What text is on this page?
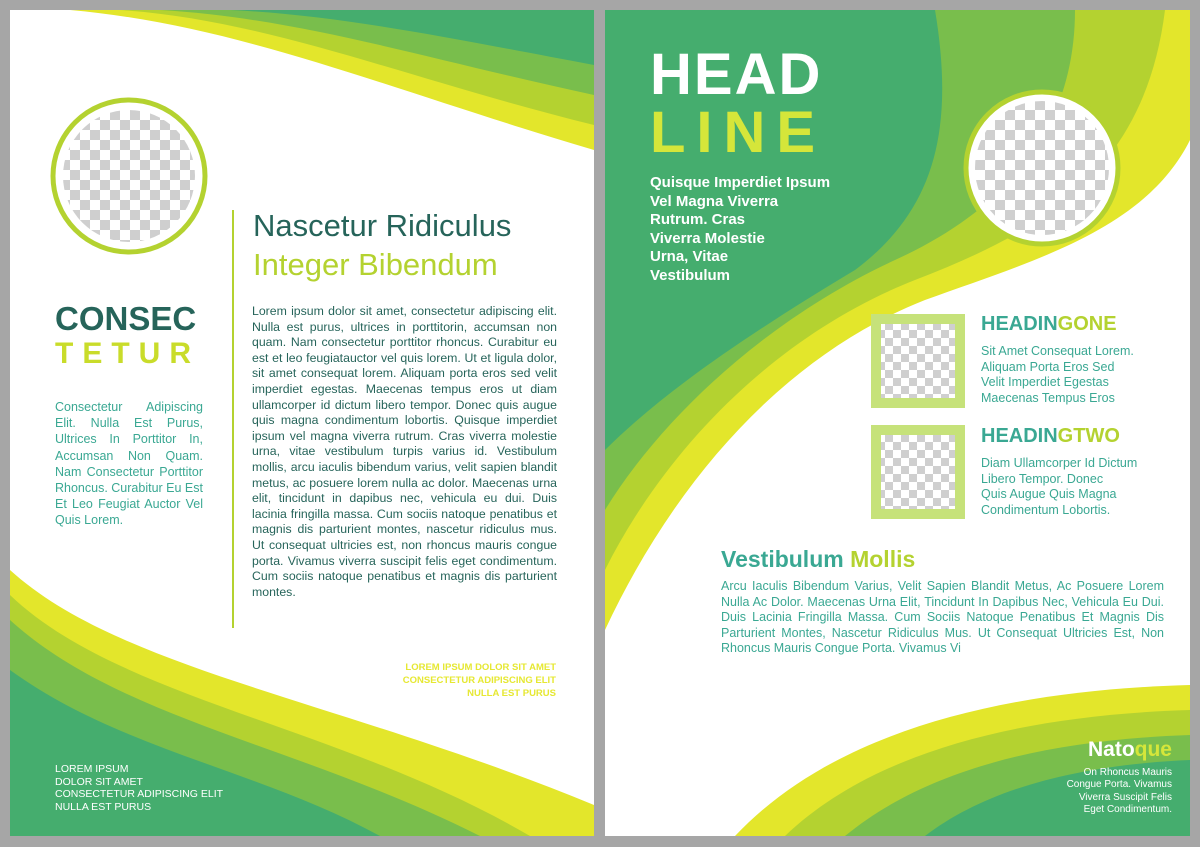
Nascetur Ridiculus
Integer Bibendum

Lorem ipsum dolor sit amet, consectetur adipiscing elit. Nulla est purus, ultrices in porttitorin, accumsan non quam. Nam consectetur porttitor rhoncus. Curabitur eu est et leo feugiatauctor vel quis lorem. Ut et ligula dolor, sit amet consequat lorem. Aliquam porta eros sed velit imperdiet egestas. Maecenas tempus eros ut diam ullamcorper id dictum libero tempor. Donec quis augue quis magna condimentum lobortis. Quisque imperdiet ipsum vel magna viverra rutrum. Cras viverra molestie urna, vitae vestibulum turpis varius id. Vestibulum mollis, arcu iaculis bibendum varius, velit sapien blandit metus, ac posuere lorem nulla ac dolor. Maecenas urna elit, tincidunt in dapibus nec, vehicula eu dui. Duis lacinia fringilla massa. Cum sociis natoque penatibus et magnis dis parturient montes, nascetur ridiculus mus. Ut consequat ultricies est, non rhoncus mauris congue porta. Vivamus viverra suscipit felis eget condimentum. Cum sociis natoque penatibus et magnis dis parturient montes.

CONSEC
TETUR

Consectetur Adipiscing Elit. Nulla Est Purus, Ultrices In Porttitor In, Accumsan Non Quam. Nam Consectetur Porttitor Rhoncus. Curabitur Eu Est Et Leo Feugiat Auctor Vel Quis Lorem.

LOREM IPSUM DOLOR SIT AMET
CONSECTETUR ADIPISCING ELIT
NULLA EST PURUS
LOREM IPSUM
DOLOR SIT AMET
CONSECTETUR ADIPISCING ELIT
NULLA EST PURUS
HEAD
LINE
Quisque Imperdiet Ipsum
Vel Magna Viverra
Rutrum. Cras
Viverra Molestie
Urna, Vitae
Vestibulum
HEADINGONE
Sit Amet Consequat Lorem.
Aliquam Porta Eros Sed
Velit Imperdiet Egestas
Maecenas Tempus Eros
HEADINGTWO
Diam Ullamcorper Id Dictum
Libero Tempor. Donec
Quis Augue Quis Magna
Condimentum Lobortis.
Vestibulum Mollis

Arcu Iaculis Bibendum Varius, Velit Sapien Blandit Metus, Ac Posuere Lorem Nulla Ac Dolor. Maecenas Urna Elit, Tincidunt In Dapibus Nec, Vehicula Eu Dui. Duis Lacinia Fringilla Massa. Cum Sociis Natoque Penatibus Et Magnis Dis Parturient Montes, Nascetur Ridiculus Mus. Ut Consequat Ultricies Est, Non Rhoncus Mauris Congue Porta. Vivamus Vi

Natoque
On Rhoncus Mauris
Congue Porta. Vivamus
Viverra Suscipit Felis
Eget Condimentum.
